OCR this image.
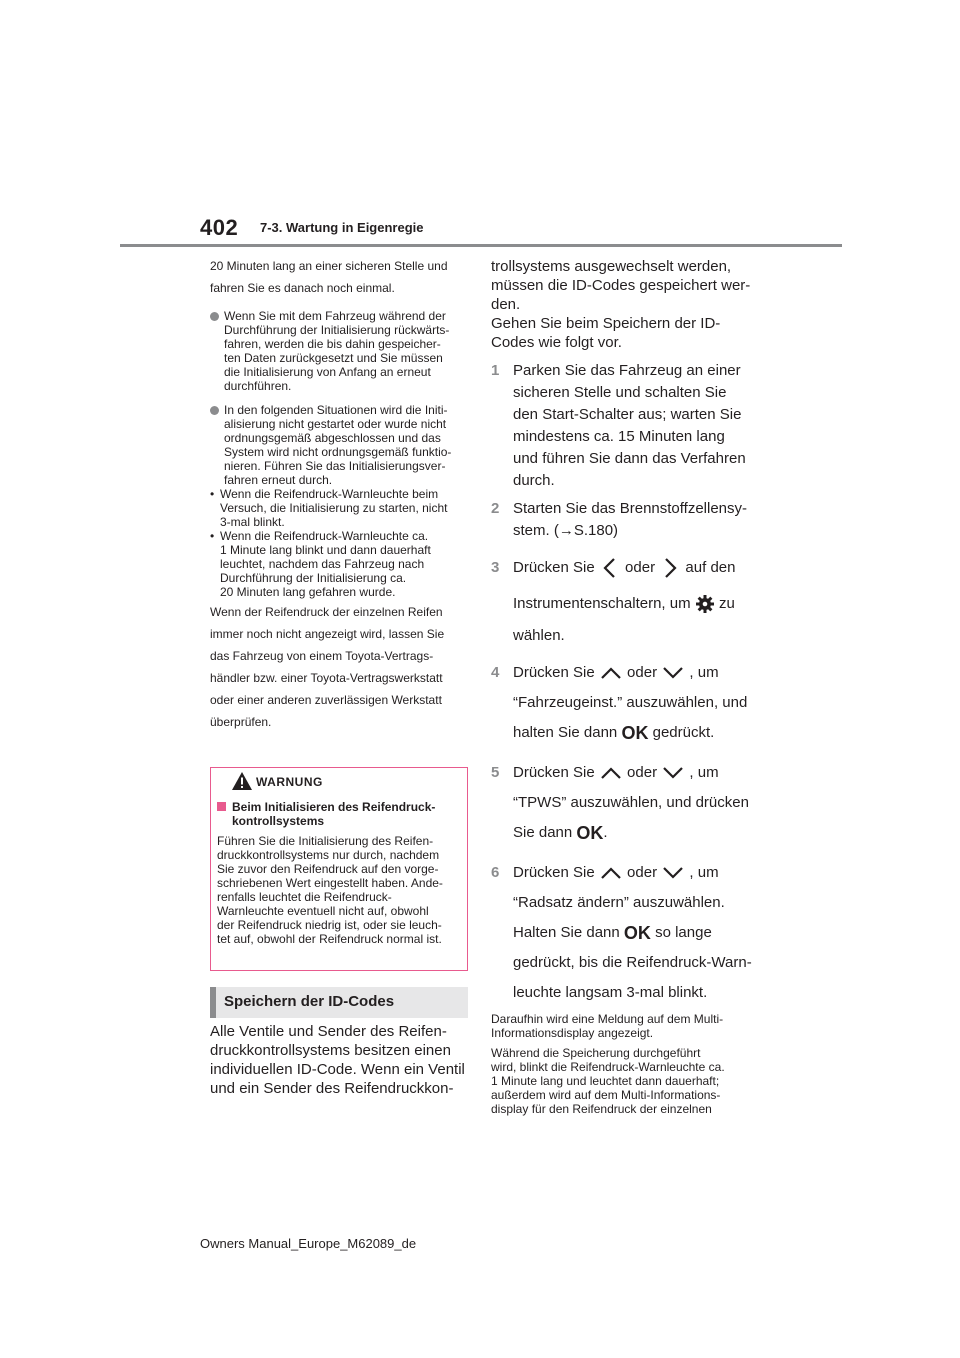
402 7-3. Wartung in Eigenregie
20 Minuten lang an einer sicheren Stelle und
fahren Sie es danach noch einmal.
Wenn Sie mit dem Fahrzeug während der
Durchführung der Initialisierung rückwärts-
fahren, werden die bis dahin gespeicher-
ten Daten zurückgesetzt und Sie müssen
die Initialisierung von Anfang an erneut
durchführen.
In den folgenden Situationen wird die Initi-
alisierung nicht gestartet oder wurde nicht
ordnungsgemäß abgeschlossen und das
System wird nicht ordnungsgemäß funktio-
nieren. Führen Sie das Initialisierungsver-
fahren erneut durch.
• Wenn die Reifendruck-Warnleuchte beim
Versuch, die Initialisierung zu starten, nicht
3-mal blinkt.
• Wenn die Reifendruck-Warnleuchte ca.
1 Minute lang blinkt und dann dauerhaft
leuchtet, nachdem das Fahrzeug nach
Durchführung der Initialisierung ca.
20 Minuten lang gefahren wurde.
Wenn der Reifendruck der einzelnen Reifen
immer noch nicht angezeigt wird, lassen Sie
das Fahrzeug von einem Toyota-Vertrags-
händler bzw. einer Toyota-Vertragswerkstatt
oder einer anderen zuverlässigen Werkstatt
überprüfen.
WARNUNG
Beim Initialisieren des Reifendruck-
kontrollsystems
Führen Sie die Initialisierung des Reifen-
druckkontrollsystems nur durch, nachdem
Sie zuvor den Reifendruck auf den vorge-
schriebenen Wert eingestellt haben. Ande-
renfalls leuchtet die Reifendruck-
Warnleuchte eventuell nicht auf, obwohl
der Reifendruck niedrig ist, oder sie leuch-
tet auf, obwohl der Reifendruck normal ist.
Speichern der ID-Codes
Alle Ventile und Sender des Reifen-
druckkontrollsystems besitzen einen
individuellen ID-Code. Wenn ein Ventil
und ein Sender des Reifendruckkon-
trollsystems ausgewechselt werden,
müssen die ID-Codes gespeichert wer-
den.
Gehen Sie beim Speichern der ID-
Codes wie folgt vor.
1 Parken Sie das Fahrzeug an einer
sicheren Stelle und schalten Sie
den Start-Schalter aus; warten Sie
mindestens ca. 15 Minuten lang
und führen Sie dann das Verfahren
durch.
2 Starten Sie das Brennstoffzellensy-
stem. (→S.180)
3 Drücken Sie oder auf den
Instrumentenschaltern, um zu
wählen.
4 Drücken Sie oder , um
“Fahrzeugeinst.” auszuwählen, und
halten Sie dann OK gedrückt.
5 Drücken Sie oder , um
“TPWS” auszuwählen, und drücken
Sie dann OK.
6 Drücken Sie oder , um
“Radsatz ändern” auszuwählen.
Halten Sie dann OK so lange
gedrückt, bis die Reifendruck-Warn-
leuchte langsam 3-mal blinkt.
Daraufhin wird eine Meldung auf dem Multi-
Informationsdisplay angezeigt.
Während die Speicherung durchgeführt
wird, blinkt die Reifendruck-Warnleuchte ca.
1 Minute lang und leuchtet dann dauerhaft;
außerdem wird auf dem Multi-Informations-
display für den Reifendruck der einzelnen
Owners Manual_Europe_M62089_de
